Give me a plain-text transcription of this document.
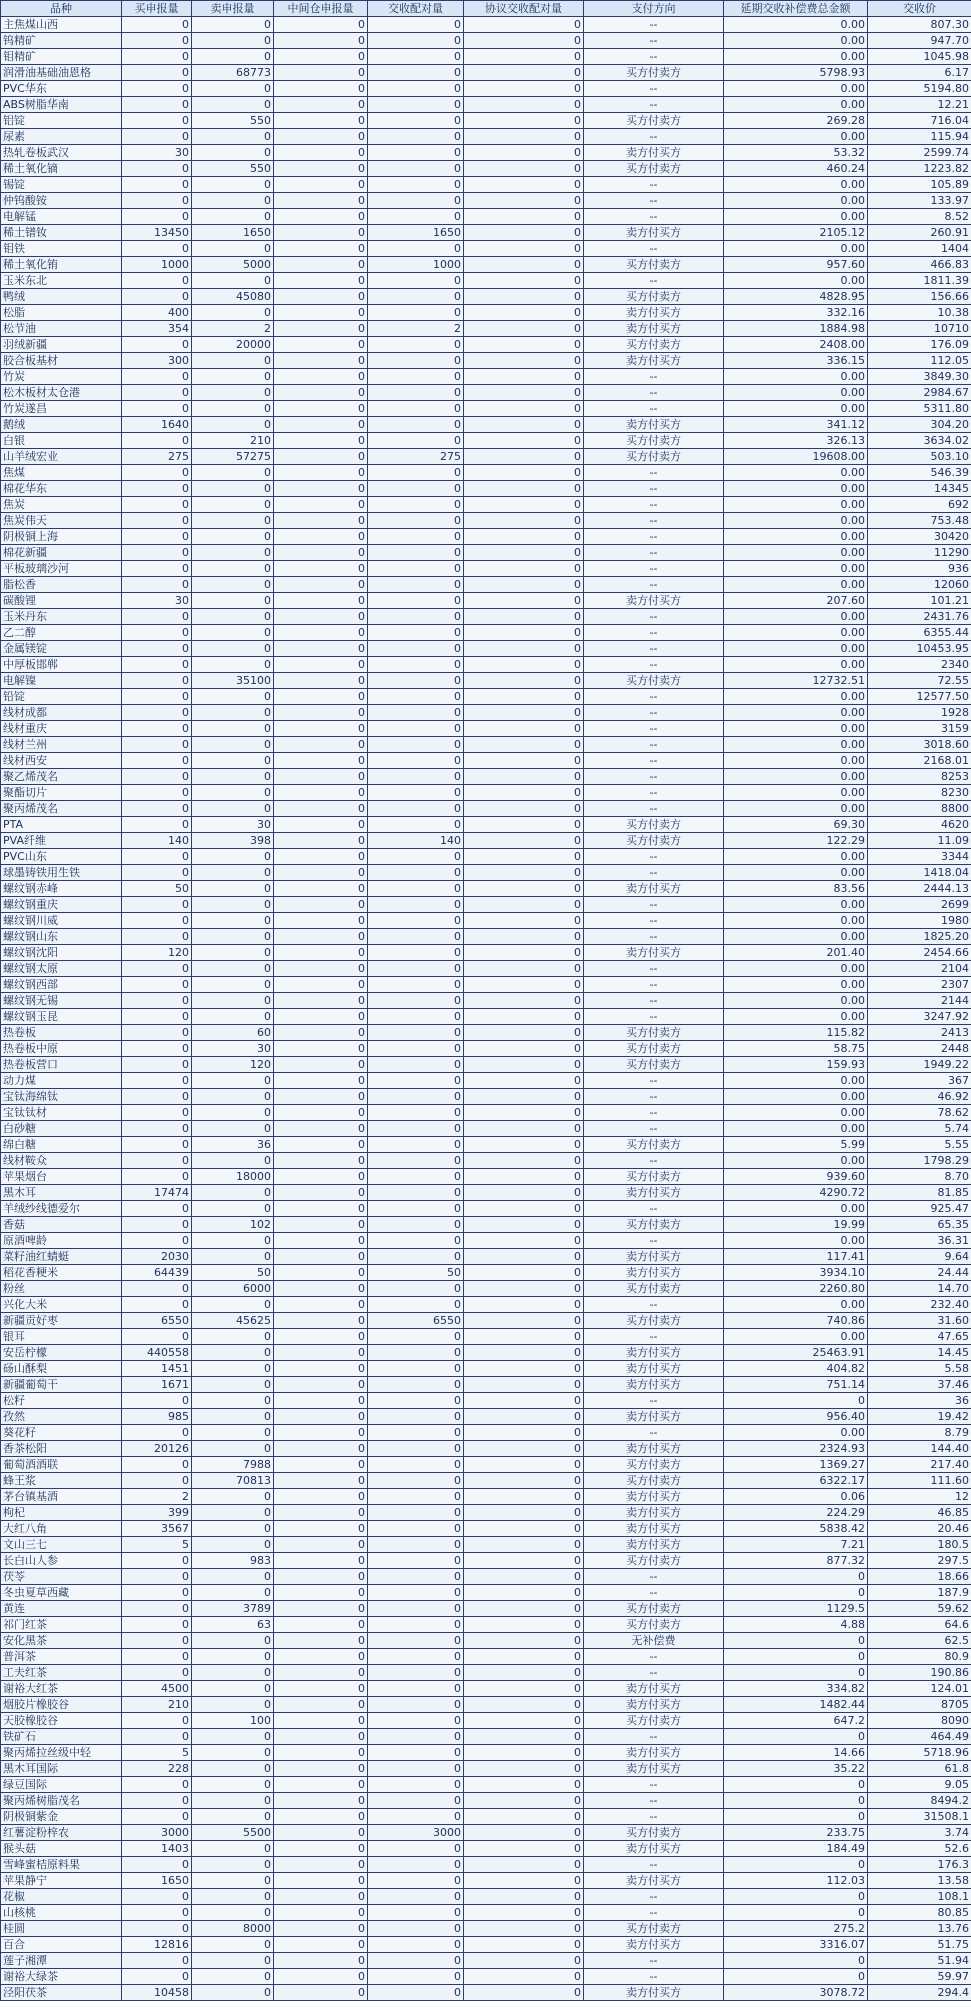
品种	买申报量	卖申报量	中间仓申报量	交收配对量	协议交收配对量	支付方向	延期交收补偿费总金额	交收价
主焦煤山西	0	0	0	0	0	--	0.00	807.30
钨精矿	0	0	0	0	0	--	0.00	947.70
钼精矿	0	0	0	0	0	--	0.00	1045.98
润滑油基础油恩格	0	68773	0	0	0	买方付卖方	5798.93	6.17
PVC华东	0	0	0	0	0	--	0.00	5194.80
ABS树脂华南	0	0	0	0	0	--	0.00	12.21
铝锭	0	550	0	0	0	买方付卖方	269.28	716.04
尿素	0	0	0	0	0	--	0.00	115.94
热轧卷板武汉	30	0	0	0	0	卖方付买方	53.32	2599.74
稀土氧化镝	0	550	0	0	0	买方付卖方	460.24	1223.82
锡锭	0	0	0	0	0	--	0.00	105.89
仲钨酸铵	0	0	0	0	0	--	0.00	133.97
电解锰	0	0	0	0	0	--	0.00	8.52
稀土镨钕	13450	1650	0	1650	0	卖方付买方	2105.12	260.91
钼铁	0	0	0	0	0	--	0.00	1404
稀土氧化铕	1000	5000	0	1000	0	买方付卖方	957.60	466.83
玉米东北	0	0	0	0	0	--	0.00	1811.39
鸭绒	0	45080	0	0	0	买方付卖方	4828.95	156.66
松脂	400	0	0	0	0	卖方付买方	332.16	10.38
松节油	354	2	0	2	0	卖方付买方	1884.98	10710
羽绒新疆	0	20000	0	0	0	买方付卖方	2408.00	176.09
胶合板基材	300	0	0	0	0	卖方付买方	336.15	112.05
竹炭	0	0	0	0	0	--	0.00	3849.30
松木板材太仓港	0	0	0	0	0	--	0.00	2984.67
竹炭遂昌	0	0	0	0	0	--	0.00	5311.80
鹅绒	1640	0	0	0	0	卖方付买方	341.12	304.20
白银	0	210	0	0	0	买方付卖方	326.13	3634.02
山羊绒宏业	275	57275	0	275	0	买方付卖方	19608.00	503.10
焦煤	0	0	0	0	0	--	0.00	546.39
棉花华东	0	0	0	0	0	--	0.00	14345
焦炭	0	0	0	0	0	--	0.00	692
焦炭伟天	0	0	0	0	0	--	0.00	753.48
阴极铜上海	0	0	0	0	0	--	0.00	30420
棉花新疆	0	0	0	0	0	--	0.00	11290
平板玻璃沙河	0	0	0	0	0	--	0.00	936
脂松香	0	0	0	0	0	--	0.00	12060
碳酸锂	30	0	0	0	0	卖方付买方	207.60	101.21
玉米丹东	0	0	0	0	0	--	0.00	2431.76
乙二醇	0	0	0	0	0	--	0.00	6355.44
金属镁锭	0	0	0	0	0	--	0.00	10453.95
中厚板邯郸	0	0	0	0	0	--	0.00	2340
电解镍	0	35100	0	0	0	买方付卖方	12732.51	72.55
铅锭	0	0	0	0	0	--	0.00	12577.50
线材成都	0	0	0	0	0	--	0.00	1928
线材重庆	0	0	0	0	0	--	0.00	3159
线材兰州	0	0	0	0	0	--	0.00	3018.60
线材西安	0	0	0	0	0	--	0.00	2168.01
聚乙烯茂名	0	0	0	0	0	--	0.00	8253
聚酯切片	0	0	0	0	0	--	0.00	8230
聚丙烯茂名	0	0	0	0	0	--	0.00	8800
PTA	0	30	0	0	0	买方付卖方	69.30	4620
PVA纤维	140	398	0	140	0	买方付卖方	122.29	11.09
PVC山东	0	0	0	0	0	--	0.00	3344
球墨铸铁用生铁	0	0	0	0	0	--	0.00	1418.04
螺纹钢赤峰	50	0	0	0	0	卖方付买方	83.56	2444.13
螺纹钢重庆	0	0	0	0	0	--	0.00	2699
螺纹钢川威	0	0	0	0	0	--	0.00	1980
螺纹钢山东	0	0	0	0	0	--	0.00	1825.20
螺纹钢沈阳	120	0	0	0	0	卖方付买方	201.40	2454.66
螺纹钢太原	0	0	0	0	0	--	0.00	2104
螺纹钢西部	0	0	0	0	0	--	0.00	2307
螺纹钢无锡	0	0	0	0	0	--	0.00	2144
螺纹钢玉昆	0	0	0	0	0	--	0.00	3247.92
热卷板	0	60	0	0	0	买方付卖方	115.82	2413
热卷板中原	0	30	0	0	0	买方付卖方	58.75	2448
热卷板营口	0	120	0	0	0	买方付卖方	159.93	1949.22
动力煤	0	0	0	0	0	--	0.00	367
宝钛海绵钛	0	0	0	0	0	--	0.00	46.92
宝钛钛材	0	0	0	0	0	--	0.00	78.62
白砂糖	0	0	0	0	0	--	0.00	5.74
绵白糖	0	36	0	0	0	买方付卖方	5.99	5.55
线材鞍众	0	0	0	0	0	--	0.00	1798.29
苹果烟台	0	18000	0	0	0	买方付卖方	939.60	8.70
黑木耳	17474	0	0	0	0	卖方付买方	4290.72	81.85
羊绒纱线德爱尔	0	0	0	0	0	--	0.00	925.47
香菇	0	102	0	0	0	买方付卖方	19.99	65.35
原酒啤龄	0	0	0	0	0	--	0.00	36.31
菜籽油红蜻蜓	2030	0	0	0	0	卖方付买方	117.41	9.64
稻花香粳米	64439	50	0	50	0	卖方付买方	3934.10	24.44
粉丝	0	6000	0	0	0	买方付卖方	2260.80	14.70
兴化大米	0	0	0	0	0	--	0.00	232.40
新疆贡好枣	6550	45625	0	6550	0	买方付卖方	740.86	31.60
银耳	0	0	0	0	0	--	0.00	47.65
安岳柠檬	440558	0	0	0	0	卖方付买方	25463.91	14.45
砀山酥梨	1451	0	0	0	0	卖方付买方	404.82	5.58
新疆葡萄干	1671	0	0	0	0	卖方付买方	751.14	37.46
松籽	0	0	0	0	0	--	0	36
孜然	985	0	0	0	0	卖方付买方	956.40	19.42
葵花籽	0	0	0	0	0	--	0.00	8.79
香茶松阳	20126	0	0	0	0	卖方付买方	2324.93	144.40
葡萄酒酒联	0	7988	0	0	0	买方付卖方	1369.27	217.40
蜂王浆	0	70813	0	0	0	买方付卖方	6322.17	111.60
茅台镇基酒	2	0	0	0	0	卖方付买方	0.06	12
枸杞	399	0	0	0	0	卖方付买方	224.29	46.85
大红八角	3567	0	0	0	0	卖方付买方	5838.42	20.46
文山三七	5	0	0	0	0	卖方付买方	7.21	180.5
长白山人参	0	983	0	0	0	买方付卖方	877.32	297.5
茯苓	0	0	0	0	0	--	0	18.66
冬虫夏草西藏	0	0	0	0	0	--	0	187.9
黄连	0	3789	0	0	0	买方付卖方	1129.5	59.62
祁门红茶	0	63	0	0	0	买方付卖方	4.88	64.6
安化黑茶	0	0	0	0	0	无补偿费	0	62.5
普洱茶	0	0	0	0	0	--	0	80.9
工夫红茶	0	0	0	0	0	--	0	190.86
谢裕大红茶	4500	0	0	0	0	卖方付买方	334.82	124.01
烟胶片橡胶谷	210	0	0	0	0	卖方付买方	1482.44	8705
天胶橡胶谷	0	100	0	0	0	买方付卖方	647.2	8090
铁矿石	0	0	0	0	0	--	0	464.49
聚丙烯拉丝级中轻	5	0	0	0	0	卖方付买方	14.66	5718.96
黑木耳国际	228	0	0	0	0	卖方付买方	35.22	61.8
绿豆国际	0	0	0	0	0	--	0	9.05
聚丙烯树脂茂名	0	0	0	0	0	--	0	8494.2
阴极铜紫金	0	0	0	0	0	--	0	31508.1
红薯淀粉梓农	3000	5500	0	3000	0	买方付卖方	233.75	3.74
猴头菇	1403	0	0	0	0	卖方付买方	184.49	52.6
雪峰蜜桔原料果	0	0	0	0	0	--	0	176.3
苹果静宁	1650	0	0	0	0	卖方付买方	112.03	13.58
花椒	0	0	0	0	0	--	0	108.1
山核桃	0	0	0	0	0	--	0	80.85
桂圆	0	8000	0	0	0	买方付卖方	275.2	13.76
百合	12816	0	0	0	0	卖方付买方	3316.07	51.75
莲子湘潭	0	0	0	0	0	--	0	51.94
谢裕大绿茶	0	0	0	0	0	--	0	59.97
泾阳茯茶	10458	0	0	0	0	卖方付买方	3078.72	294.4
